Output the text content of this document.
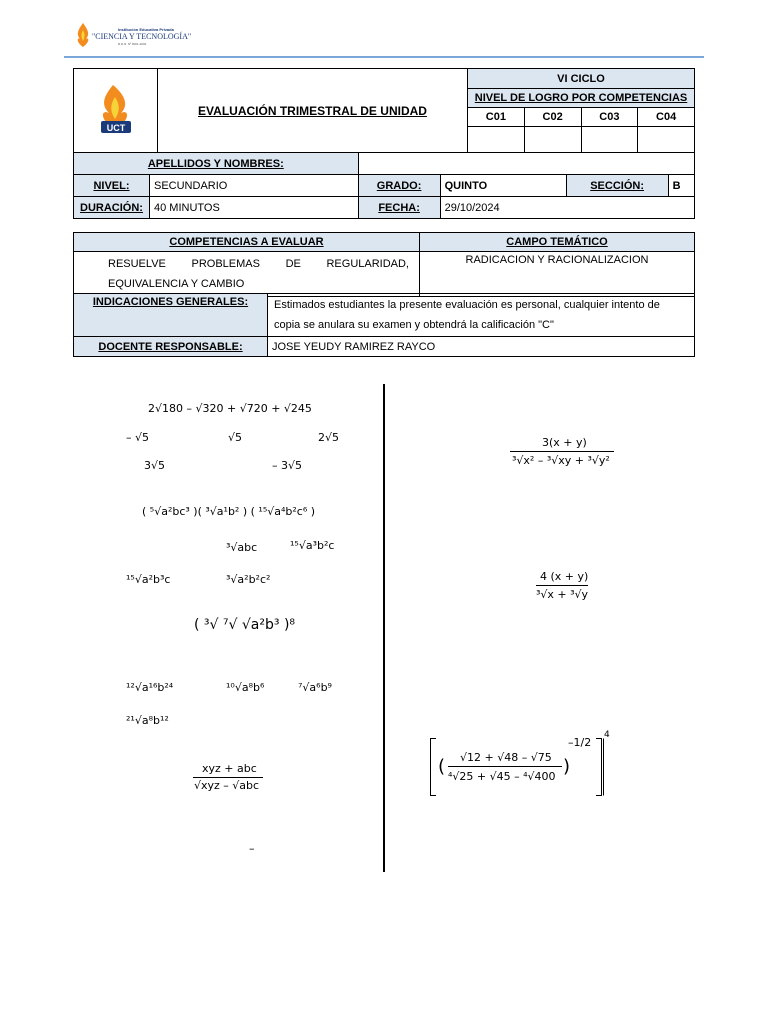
Institución Educativa Privada
"CIENCIA Y TECNOLOGÍA"
R.D.N. Nº 0001-2002
UCT	EVALUACIÓN TRIMESTRAL DE UNIDAD	VI CICLO			
		NIVEL DE LOGRO POR COMPETENCIAS			
		C01	C02	C03	C04

APELLIDOS Y NOMBRES:					
NIVEL:	SECUNDARIO	GRADO:	QUINTO	SECCIÓN:	B
DURACIÓN:	40 MINUTOS	FECHA:	29/10/2024		
COMPETENCIAS A EVALUAR	CAMPO TEMÁTICO
RESUELVE PROBLEMAS DE REGULARIDAD, EQUIVALENCIA Y CAMBIO	RADICACION Y RACIONALIZACION
INDICACIONES GENERALES:	Estimados estudiantes la presente evaluación es personal, cualquier intento de copia se anulara su examen y obtendrá la calificación "C"
DOCENTE RESPONSABLE:	JOSE YEUDY RAMIREZ RAYCO
2√180 – √320 + √720 + √245
– √5	√5	2√5
3√5	– 3√5
( ⁵√a²bc³ )( ³√a¹b² ) ( ¹⁵√a⁴b²c⁶ )
³√abc	¹⁵√a³b²c
¹⁵√a²b³c	³√a²b²c²
( ³√ ⁷√ √a²b³ )⁸
¹²√a¹⁶b²⁴	¹⁰√a⁸b⁶	⁷√a⁶b⁹
²¹√a⁸b¹²
xyz + abc
√xyz – √abc
–
3(x + y)
³√x² – ³√xy + ³√y²
4 (x + y)
³√x + ³√y
(	)
√12 + √48 – √75
⁴√25 + √45 – ⁴√400
–1/2
4
